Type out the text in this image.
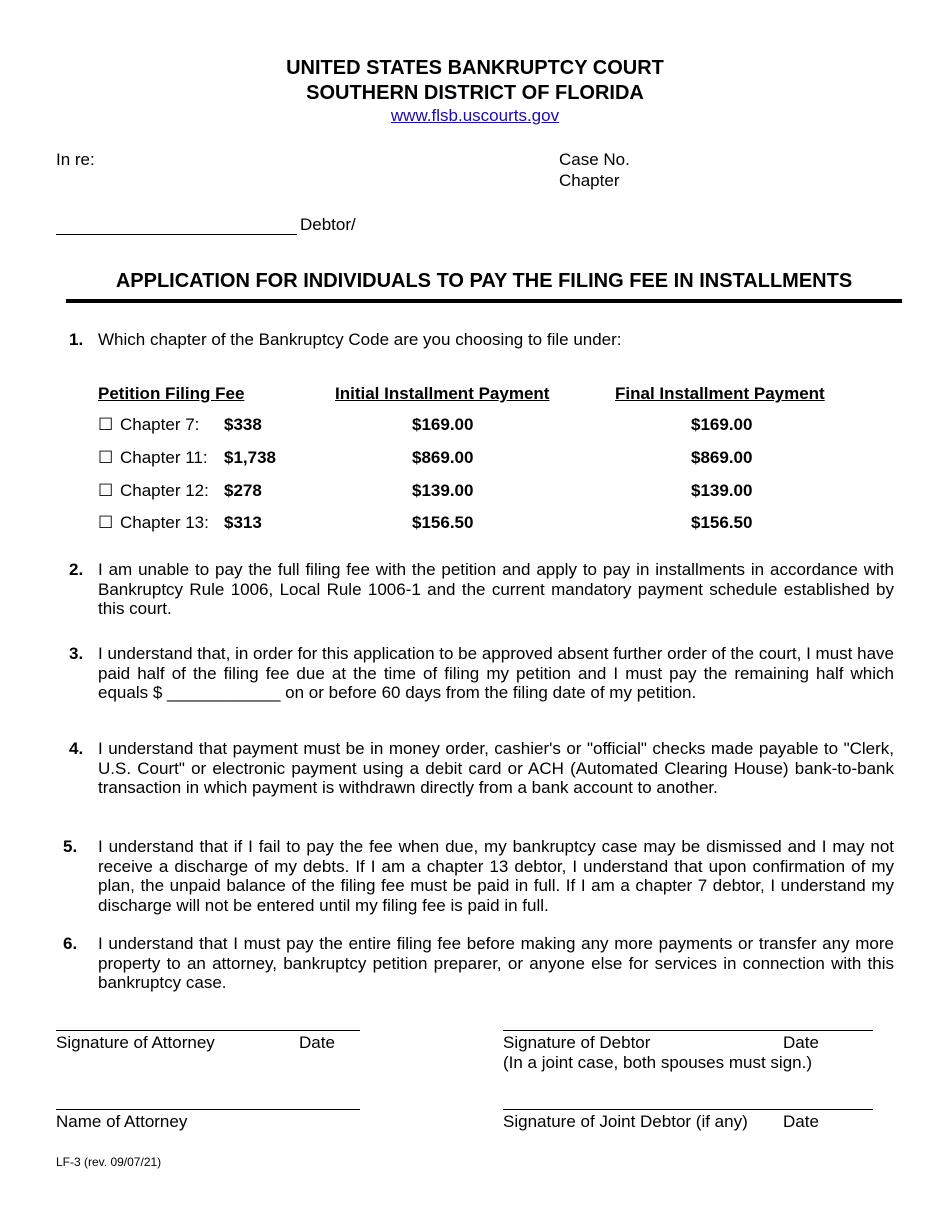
UNITED STATES BANKRUPTCY COURT
SOUTHERN DISTRICT OF FLORIDA
www.flsb.uscourts.gov
In re:	Case No.
Chapter
Debtor/
APPLICATION FOR INDIVIDUALS TO PAY THE FILING FEE IN INSTALLMENTS
1. Which chapter of the Bankruptcy Code are you choosing to file under:
Petition Filing Fee	Initial Installment Payment	Final Installment Payment
☐ Chapter 7: $338	$169.00	$169.00
☐ Chapter 11: $1,738	$869.00	$869.00
☐ Chapter 12: $278	$139.00	$139.00
☐ Chapter 13: $313	$156.50	$156.50
2. I am unable to pay the full filing fee with the petition and apply to pay in installments in accordance with Bankruptcy Rule 1006, Local Rule 1006-1 and the current mandatory payment schedule established by this court.
3. I understand that, in order for this application to be approved absent further order of the court, I must have paid half of the filing fee due at the time of filing my petition and I must pay the remaining half which equals $ ____________ on or before 60 days from the filing date of my petition.
4. I understand that payment must be in money order, cashier's or "official" checks made payable to "Clerk, U.S. Court" or electronic payment using a debit card or ACH (Automated Clearing House) bank-to-bank transaction in which payment is withdrawn directly from a bank account to another.
5. I understand that if I fail to pay the fee when due, my bankruptcy case may be dismissed and I may not receive a discharge of my debts. If I am a chapter 13 debtor, I understand that upon confirmation of my plan, the unpaid balance of the filing fee must be paid in full. If I am a chapter 7 debtor, I understand my discharge will not be entered until my filing fee is paid in full.
6. I understand that I must pay the entire filing fee before making any more payments or transfer any more property to an attorney, bankruptcy petition preparer, or anyone else for services in connection with this bankruptcy case.
Signature of Attorney	Date	Signature of Debtor	Date
(In a joint case, both spouses must sign.)
Name of Attorney	Signature of Joint Debtor (if any) Date
LF-3 (rev. 09/07/21)
